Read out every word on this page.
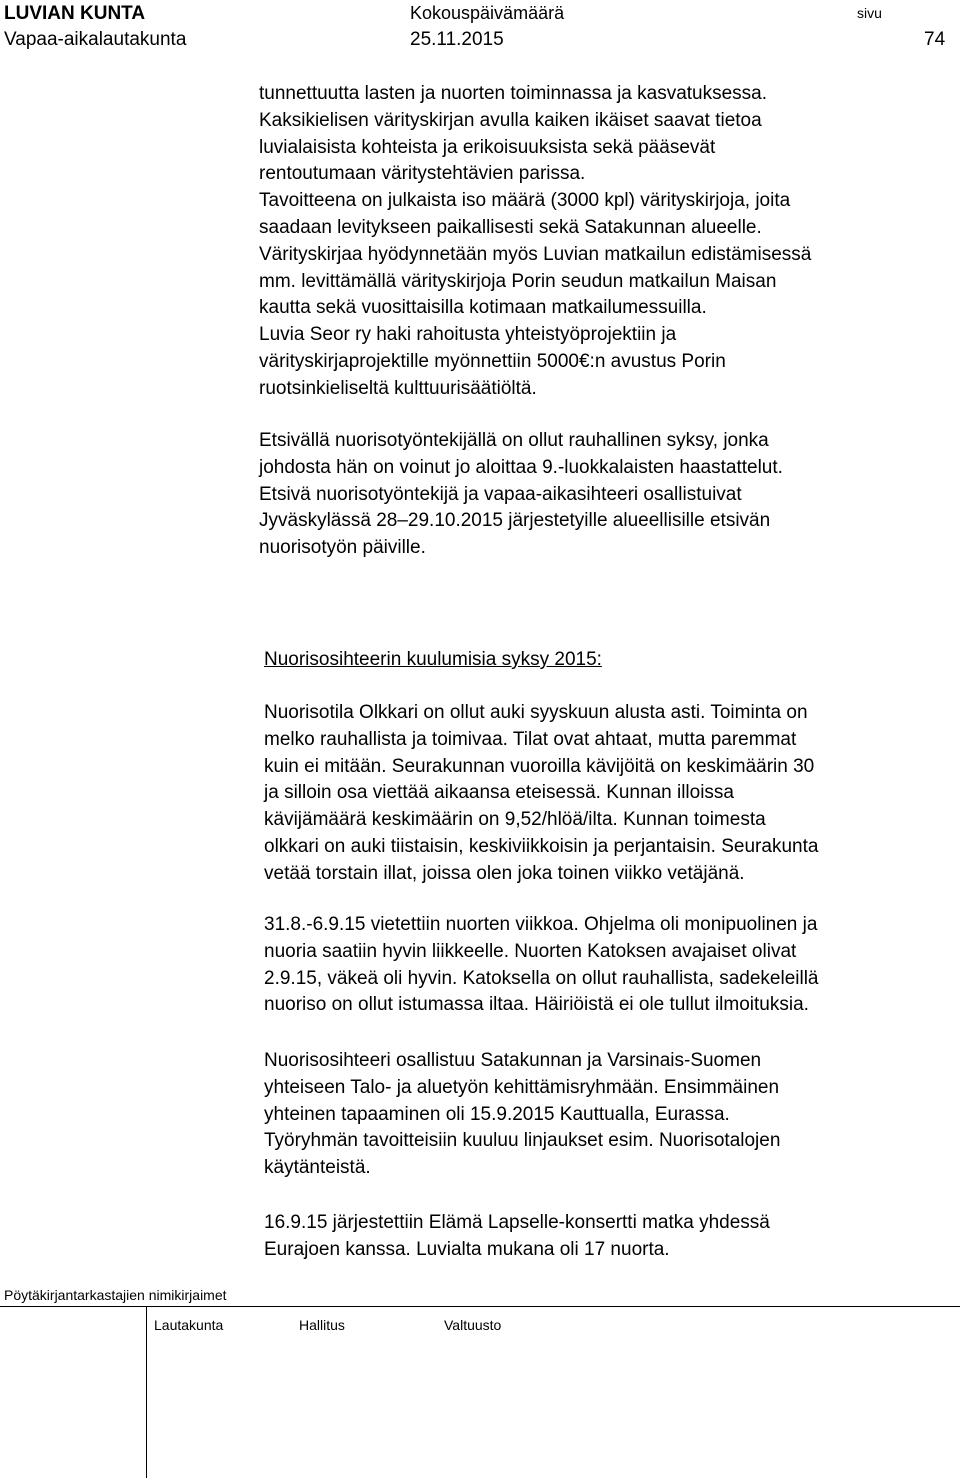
LUVIAN KUNTA
Vapaa-aikalautakunta
Kokouspäivämäärä
25.11.2015
sivu
74

tunnettuutta lasten ja nuorten toiminnassa ja kasvatuksessa.

Kaksikielisen värityskirjan avulla kaiken ikäiset saavat tietoa

luvialaisista kohteista ja erikoisuuksista sekä pääsevät

rentoutumaan väritystehtävien parissa.

Tavoitteena on julkaista iso määrä (3000 kpl) värityskirjoja, joita

saadaan levitykseen paikallisesti sekä Satakunnan alueelle.

Värityskirjaa hyödynnetään myös Luvian matkailun edistämisessä

mm. levittämällä värityskirjoja Porin seudun matkailun Maisan

kautta sekä vuosittaisilla kotimaan matkailumessuilla.

Luvia Seor ry haki rahoitusta yhteistyöprojektiin ja

värityskirjaprojektille myönnettiin 5000€:n avustus Porin

ruotsinkieliseltä kulttuurisäätiöltä.

Etsivällä nuorisotyöntekijällä on ollut rauhallinen syksy, jonka

johdosta hän on voinut jo aloittaa 9.-luokkalaisten haastattelut.

Etsivä nuorisotyöntekijä ja vapaa-aikasihteeri osallistuivat

Jyväskylässä 28–29.10.2015 järjestetyille alueellisille etsivän

nuorisotyön päiville.

Nuorisosihteerin kuulumisia syksy 2015:

Nuorisotila Olkkari on ollut auki syyskuun alusta asti. Toiminta on

melko rauhallista ja toimivaa. Tilat ovat ahtaat, mutta paremmat

kuin ei mitään. Seurakunnan vuoroilla kävijöitä on keskimäärin 30

ja silloin osa viettää aikaansa eteisessä. Kunnan illoissa

kävijämäärä keskimäärin on 9,52/hlöä/ilta. Kunnan toimesta

olkkari on auki tiistaisin, keskiviikkoisin ja perjantaisin. Seurakunta

vetää torstain illat, joissa olen joka toinen viikko vetäjänä.

31.8.-6.9.15 vietettiin nuorten viikkoa. Ohjelma oli monipuolinen ja

nuoria saatiin hyvin liikkeelle. Nuorten Katoksen avajaiset olivat

2.9.15, väkeä oli hyvin. Katoksella on ollut rauhallista, sadekeleillä

nuoriso on ollut istumassa iltaa. Häiriöistä ei ole tullut ilmoituksia.

Nuorisosihteeri osallistuu Satakunnan ja Varsinais-Suomen

yhteiseen Talo- ja aluetyön kehittämisryhmään. Ensimmäinen

yhteinen tapaaminen oli 15.9.2015 Kauttualla, Eurassa.

Työryhmän tavoitteisiin kuuluu linjaukset esim. Nuorisotalojen

käytänteistä.

16.9.15 järjestettiin Elämä Lapselle-konsertti matka yhdessä

Eurajoen kanssa. Luvialta mukana oli 17 nuorta.

Pöytäkirjantarkastajien nimikirjaimet
Lautakunta	Hallitus	Valtuusto
